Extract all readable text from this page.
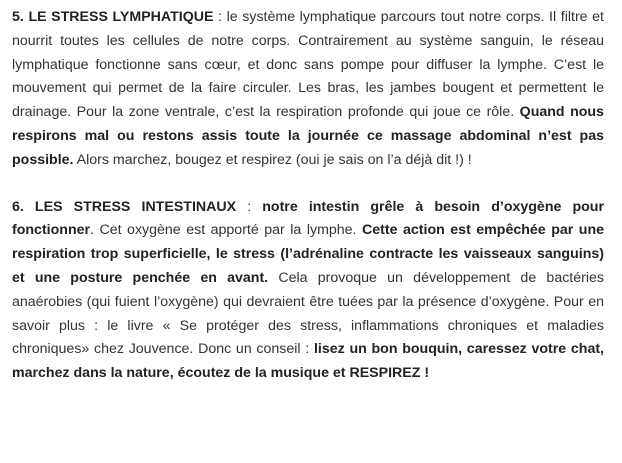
5. LE STRESS LYMPHATIQUE : le système lymphatique parcours tout notre corps. Il filtre et nourrit toutes les cellules de notre corps. Contrairement au système sanguin, le réseau lymphatique fonctionne sans cœur, et donc sans pompe pour diffuser la lymphe. C’est le mouvement qui permet de la faire circuler. Les bras, les jambes bougent et permettent le drainage. Pour la zone ventrale, c’est la respiration profonde qui joue ce rôle. Quand nous respirons mal ou restons assis toute la journée ce massage abdominal n’est pas possible. Alors marchez, bougez et respirez (oui je sais on l’a déjà dit !) !

6. LES STRESS INTESTINAUX : notre intestin grêle à besoin d’oxygène pour fonctionner. Cet oxygène est apporté par la lymphe. Cette action est empêchée par une respiration trop superficielle, le stress (l’adrénaline contracte les vaisseaux sanguins) et une posture penchée en avant. Cela provoque un développement de bactéries anaérobies (qui fuient l’oxygène) qui devraient être tuées par la présence d’oxygène. Pour en savoir plus : le livre « Se protéger des stress, inflammations chroniques et maladies chroniques» chez Jouvence. Donc un conseil : lisez un bon bouquin, caressez votre chat, marchez dans la nature, écoutez de la musique et RESPIREZ !
